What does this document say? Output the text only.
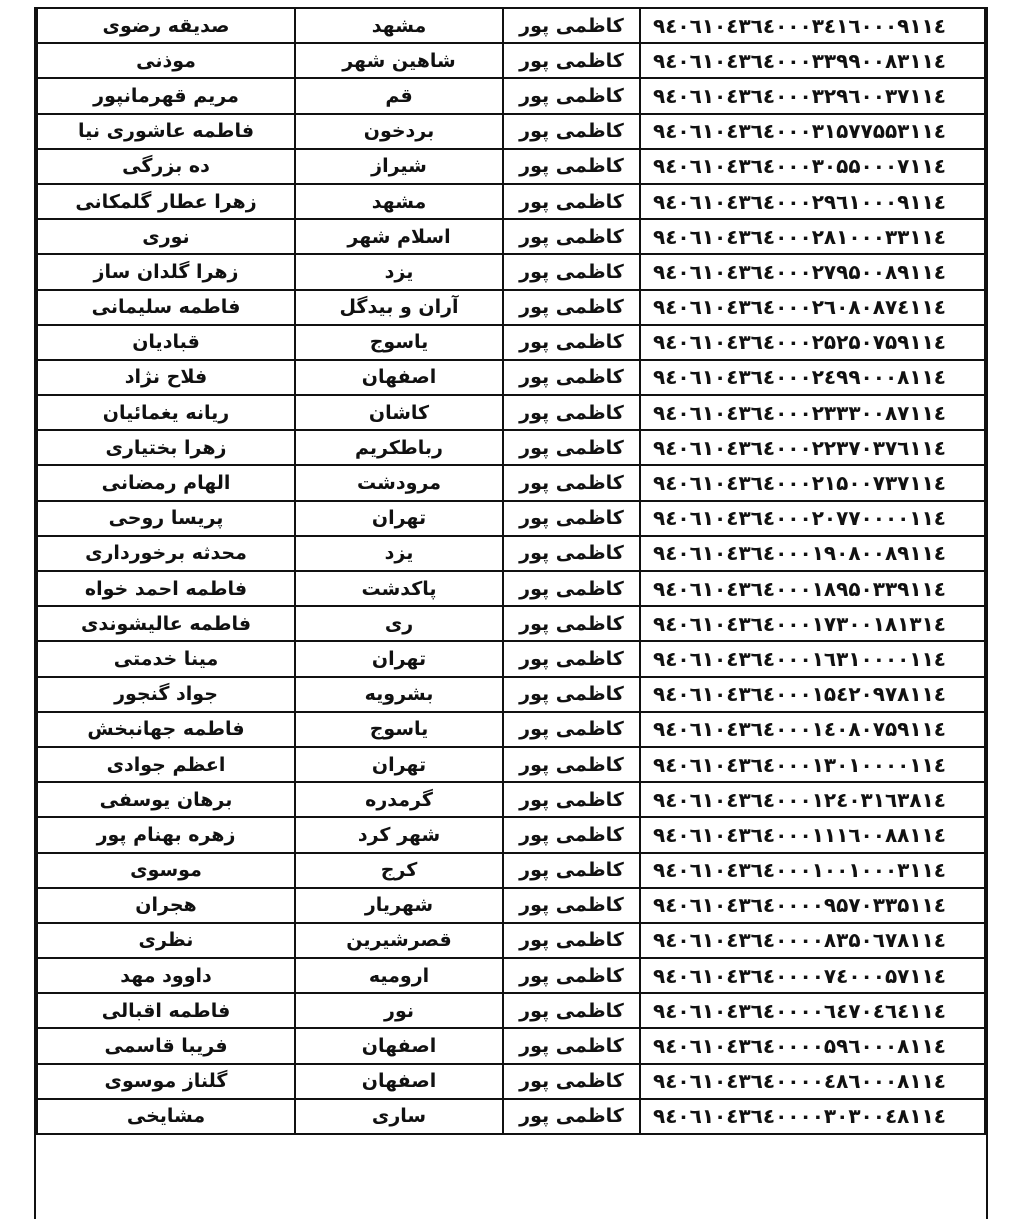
صدیقه رضوی	مشهد	کاظمی پور	۹٤۰٦۱۰٤۳٦٤۰۰۰۳٤۱٦۰۰۰۹۱۱٤
موذنی	شاهین شهر	کاظمی پور	۹٤۰٦۱۰٤۳٦٤۰۰۰۳۳۹۹۰۰۸۳۱۱٤
مریم قهرمانپور	قم	کاظمی پور	۹٤۰٦۱۰٤۳٦٤۰۰۰۳۲۹٦۰۰۳۷۱۱٤
فاطمه عاشوری نیا	بردخون	کاظمی پور	۹٤۰٦۱۰٤۳٦٤۰۰۰۳۱۵۷۷۵۵۳۱۱٤
ده بزرگی	شیراز	کاظمی پور	۹٤۰٦۱۰٤۳٦٤۰۰۰۳۰۵۵۰۰۰۷۱۱٤
زهرا عطار گلمکانی	مشهد	کاظمی پور	۹٤۰٦۱۰٤۳٦٤۰۰۰۲۹٦۱۰۰۰۹۱۱٤
نوری	اسلام شهر	کاظمی پور	۹٤۰٦۱۰٤۳٦٤۰۰۰۲۸۱۰۰۰۳۳۱۱٤
زهرا گلدان ساز	یزد	کاظمی پور	۹٤۰٦۱۰٤۳٦٤۰۰۰۲۷۹۵۰۰۸۹۱۱٤
فاطمه سلیمانی	آران و بیدگل	کاظمی پور	۹٤۰٦۱۰٤۳٦٤۰۰۰۲٦۰۸۰۸۷٤۱۱٤
قبادیان	یاسوج	کاظمی پور	۹٤۰٦۱۰٤۳٦٤۰۰۰۲۵۲۵۰۷۵۹۱۱٤
فلاح نژاد	اصفهان	کاظمی پور	۹٤۰٦۱۰٤۳٦٤۰۰۰۲٤۹۹۰۰۰۸۱۱٤
ریانه یغمائیان	کاشان	کاظمی پور	۹٤۰٦۱۰٤۳٦٤۰۰۰۲۳۳۳۰۰۸۷۱۱٤
زهرا بختیاری	رباطکریم	کاظمی پور	۹٤۰٦۱۰٤۳٦٤۰۰۰۲۲۳۷۰۳۷٦۱۱٤
الهام رمضانی	مرودشت	کاظمی پور	۹٤۰٦۱۰٤۳٦٤۰۰۰۲۱۵۰۰۷۳۷۱۱٤
پریسا روحی	تهران	کاظمی پور	۹٤۰٦۱۰٤۳٦٤۰۰۰۲۰۷۷۰۰۰۰۱۱٤
محدثه برخورداری	یزد	کاظمی پور	۹٤۰٦۱۰٤۳٦٤۰۰۰۱۹۰۸۰۰۸۹۱۱٤
فاطمه احمد خواه	پاکدشت	کاظمی پور	۹٤۰٦۱۰٤۳٦٤۰۰۰۱۸۹۵۰۳۳۹۱۱٤
فاطمه عالیشوندی	ری	کاظمی پور	۹٤۰٦۱۰٤۳٦٤۰۰۰۱۷۳۰۰۱۸۱۳۱٤
مینا خدمتی	تهران	کاظمی پور	۹٤۰٦۱۰٤۳٦٤۰۰۰۱٦۳۱۰۰۰۰۱۱٤
جواد گنجور	بشرویه	کاظمی پور	۹٤۰٦۱۰٤۳٦٤۰۰۰۱۵٤۲۰۹۷۸۱۱٤
فاطمه جهانبخش	یاسوج	کاظمی پور	۹٤۰٦۱۰٤۳٦٤۰۰۰۱٤۰۸۰۷۵۹۱۱٤
اعظم جوادی	تهران	کاظمی پور	۹٤۰٦۱۰٤۳٦٤۰۰۰۱۳۰۱۰۰۰۰۱۱٤
برهان یوسفی	گرمدره	کاظمی پور	۹٤۰٦۱۰٤۳٦٤۰۰۰۱۲٤۰۳۱٦۳۸۱٤
زهره بهنام پور	شهر کرد	کاظمی پور	۹٤۰٦۱۰٤۳٦٤۰۰۰۱۱۱٦۰۰۸۸۱۱٤
موسوی	کرج	کاظمی پور	۹٤۰٦۱۰٤۳٦٤۰۰۰۱۰۰۱۰۰۰۳۱۱٤
هجران	شهریار	کاظمی پور	۹٤۰٦۱۰٤۳٦٤۰۰۰۰۹۵۷۰۳۳۵۱۱٤
نظری	قصرشیرین	کاظمی پور	۹٤۰٦۱۰٤۳٦٤۰۰۰۰۸۳۵۰٦۷۸۱۱٤
داوود مهد	ارومیه	کاظمی پور	۹٤۰٦۱۰٤۳٦٤۰۰۰۰۷٤۰۰۰۵۷۱۱٤
فاطمه اقبالی	نور	کاظمی پور	۹٤۰٦۱۰٤۳٦٤۰۰۰۰٦٤۷۰٤٦٤۱۱٤
فریبا قاسمی	اصفهان	کاظمی پور	۹٤۰٦۱۰٤۳٦٤۰۰۰۰۵۹٦۰۰۰۸۱۱٤
گلناز موسوی	اصفهان	کاظمی پور	۹٤۰٦۱۰٤۳٦٤۰۰۰۰٤۸٦۰۰۰۸۱۱٤
مشایخی	ساری	کاظمی پور	۹٤۰٦۱۰٤۳٦٤۰۰۰۰۳۰۳۰۰٤۸۱۱٤
